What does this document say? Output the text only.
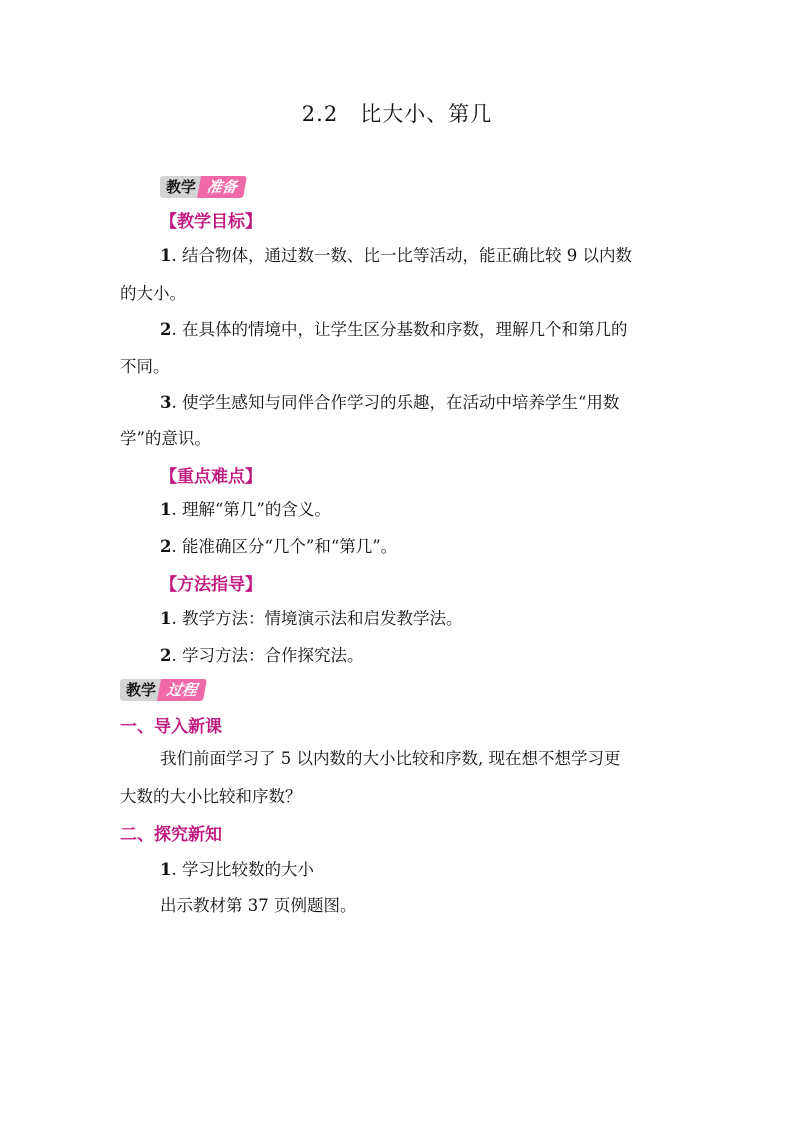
2.2　比大小、第几
教学 准备
【教学目标】
1. 结合物体，通过数一数、比一比等活动，能正确比较 9 以内数
的大小。
2. 在具体的情境中，让学生区分基数和序数，理解几个和第几的
不同。
3. 使学生感知与同伴合作学习的乐趣，在活动中培养学生“用数
学”的意识。
【重点难点】
1. 理解“第几”的含义。
2. 能准确区分“几个”和“第几”。
【方法指导】
1. 教学方法：情境演示法和启发教学法。
2. 学习方法：合作探究法。
教学 过程
一、导入新课
我们前面学习了 5 以内数的大小比较和序数, 现在想不想学习更
大数的大小比较和序数？
二、探究新知
1. 学习比较数的大小
出示教材第 37 页例题图。
